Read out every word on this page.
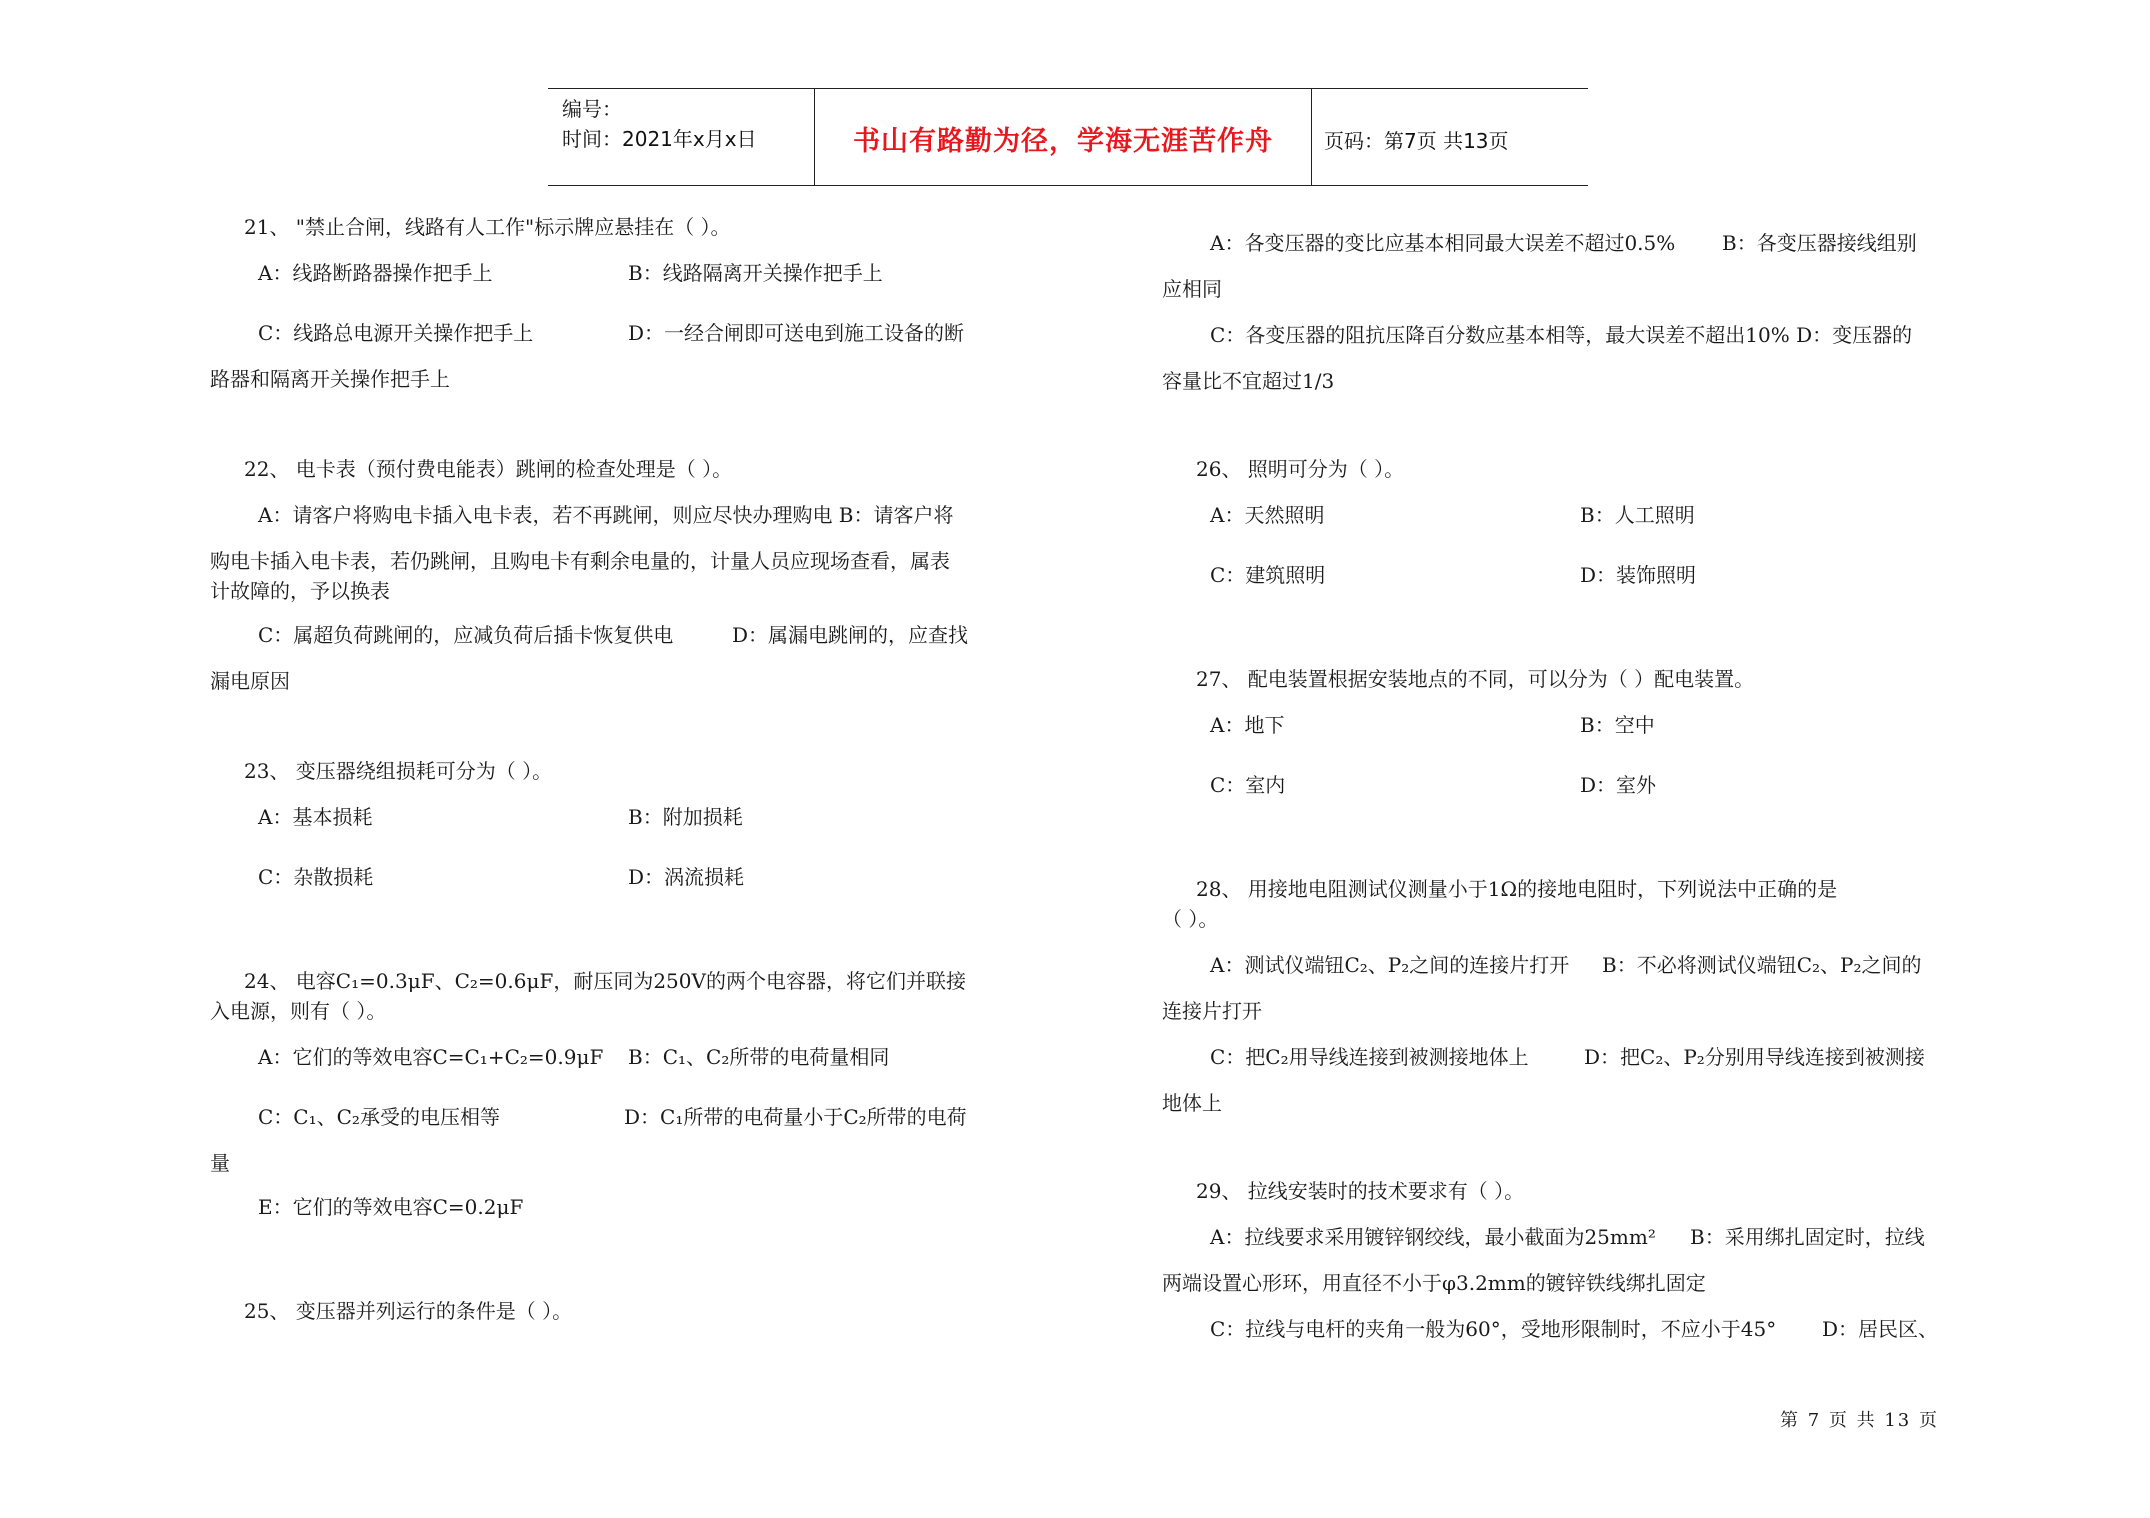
编号：
时间：2021年x月x日	书山有路勤为径，学海无涯苦作舟	页码：第7页 共13页
21、 "禁止合闸，线路有人工作"标示牌应悬挂在（ ）。
A：线路断路器操作把手上	B：线路隔离开关操作把手上
C：线路总电源开关操作把手上	D：一经合闸即可送电到施工设备的断
路器和隔离开关操作把手上
22、 电卡表（预付费电能表）跳闸的检查处理是（ ）。
A：请客户将购电卡插入电卡表，若不再跳闸，则应尽快办理购电 B：请客户将
购电卡插入电卡表，若仍跳闸，且购电卡有剩余电量的，计量人员应现场查看，属表
计故障的，予以换表
C：属超负荷跳闸的，应减负荷后插卡恢复供电	D：属漏电跳闸的，应查找
漏电原因
23、 变压器绕组损耗可分为（ ）。
A：基本损耗	B：附加损耗
C：杂散损耗	D：涡流损耗
24、 电容C₁=0.3μF、C₂=0.6μF，耐压同为250V的两个电容器，将它们并联接
入电源，则有（ ）。
A：它们的等效电容C=C₁+C₂=0.9μF B：C₁、C₂所带的电荷量相同
C：C₁、C₂承受的电压相等	D：C₁所带的电荷量小于C₂所带的电荷
量
E：它们的等效电容C=0.2μF
25、 变压器并列运行的条件是（ ）。
A：各变压器的变比应基本相同最大误差不超过0.5% B：各变压器接线组别
应相同
C：各变压器的阻抗压降百分数应基本相等，最大误差不超出10% D：变压器的
容量比不宜超过1/3
26、 照明可分为（ ）。
A：天然照明	B：人工照明
C：建筑照明	D：装饰照明
27、 配电装置根据安装地点的不同，可以分为（ ）配电装置。
A：地下	B：空中
C：室内	D：室外
28、 用接地电阻测试仪测量小于1Ω的接地电阻时，下列说法中正确的是
（ ）。
A：测试仪端钮C₂、P₂之间的连接片打开 B：不必将测试仪端钮C₂、P₂之间的
连接片打开
C：把C₂用导线连接到被测接地体上	D：把C₂、P₂分别用导线连接到被测接
地体上
29、 拉线安装时的技术要求有（ ）。
A：拉线要求采用镀锌钢绞线，最小截面为25mm² B：采用绑扎固定时，拉线
两端设置心形环，用直径不小于φ3.2mm的镀锌铁线绑扎固定
C：拉线与电杆的夹角一般为60°，受地形限制时，不应小于45° D：居民区、
第 7 页 共 13 页
